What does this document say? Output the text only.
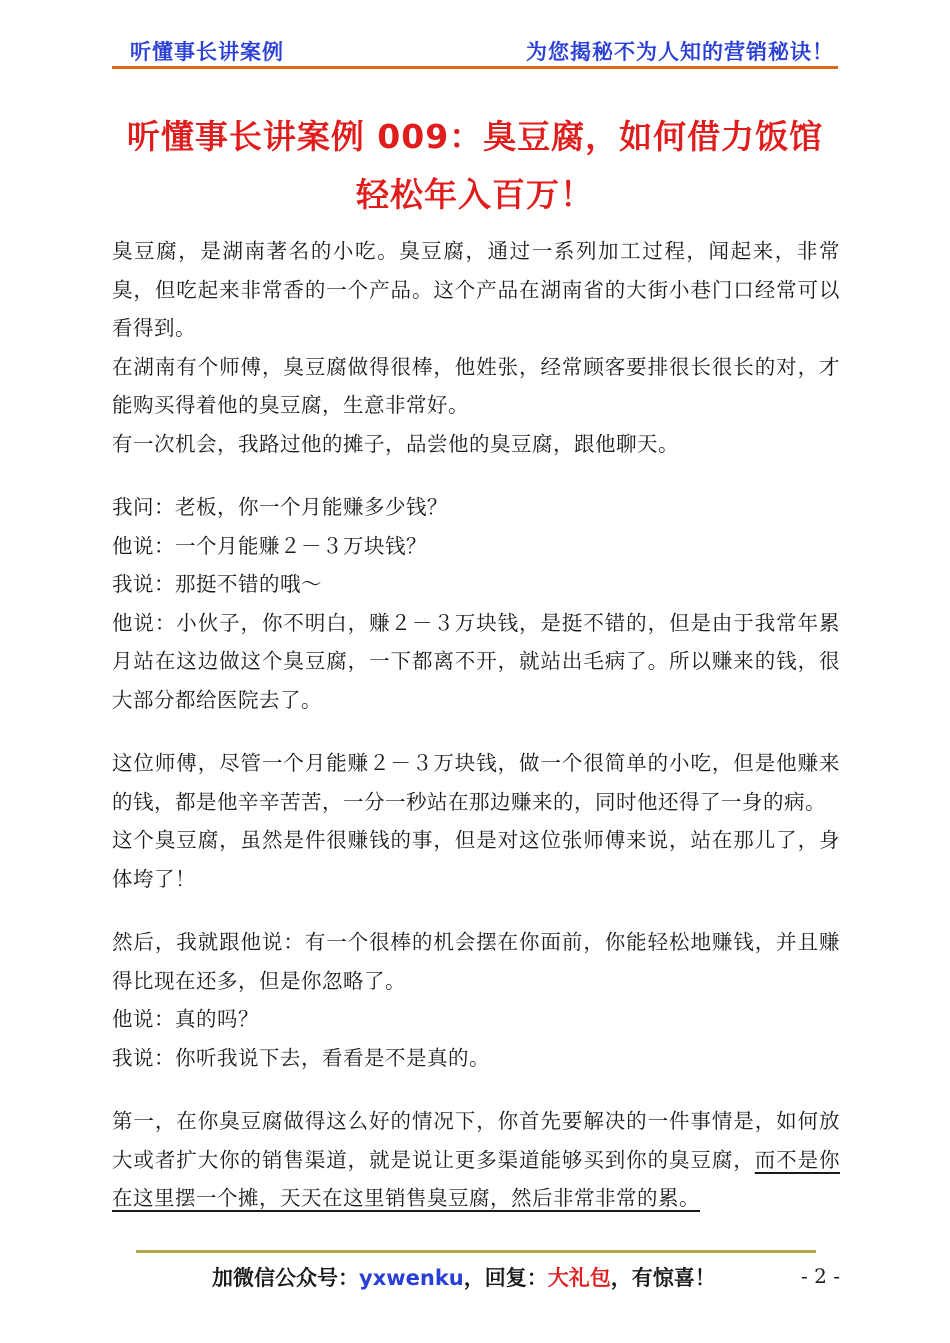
听懂事长讲案例	为您揭秘不为人知的营销秘诀！
听懂事长讲案例 009：臭豆腐，如何借力饭馆
轻松年入百万！

臭豆腐，是湖南著名的小吃。臭豆腐，通过一系列加工过程，闻起来，非常臭，但吃起来非常香的一个产品。这个产品在湖南省的大街小巷门口经常可以看得到。

在湖南有个师傅，臭豆腐做得很棒，他姓张，经常顾客要排很长很长的对，才能购买得着他的臭豆腐，生意非常好。

有一次机会，我路过他的摊子，品尝他的臭豆腐，跟他聊天。

我问：老板，你一个月能赚多少钱？

他说：一个月能赚２－３万块钱？

我说：那挺不错的哦～

他说：小伙子，你不明白，赚２－３万块钱，是挺不错的，但是由于我常年累月站在这边做这个臭豆腐，一下都离不开，就站出毛病了。所以赚来的钱，很大部分都给医院去了。

这位师傅，尽管一个月能赚２－３万块钱，做一个很简单的小吃，但是他赚来的钱，都是他辛辛苦苦，一分一秒站在那边赚来的，同时他还得了一身的病。

这个臭豆腐，虽然是件很赚钱的事，但是对这位张师傅来说，站在那儿了，身体垮了！

然后，我就跟他说：有一个很棒的机会摆在你面前，你能轻松地赚钱，并且赚得比现在还多，但是你忽略了。

他说：真的吗？

我说：你听我说下去，看看是不是真的。

第一，在你臭豆腐做得这么好的情况下，你首先要解决的一件事情是，如何放大或者扩大你的销售渠道，就是说让更多渠道能够买到你的臭豆腐，而不是你在这里摆一个摊，天天在这里销售臭豆腐，然后非常非常的累。

加微信公众号：yxwenku，回复：大礼包，有惊喜！	- 2 -
